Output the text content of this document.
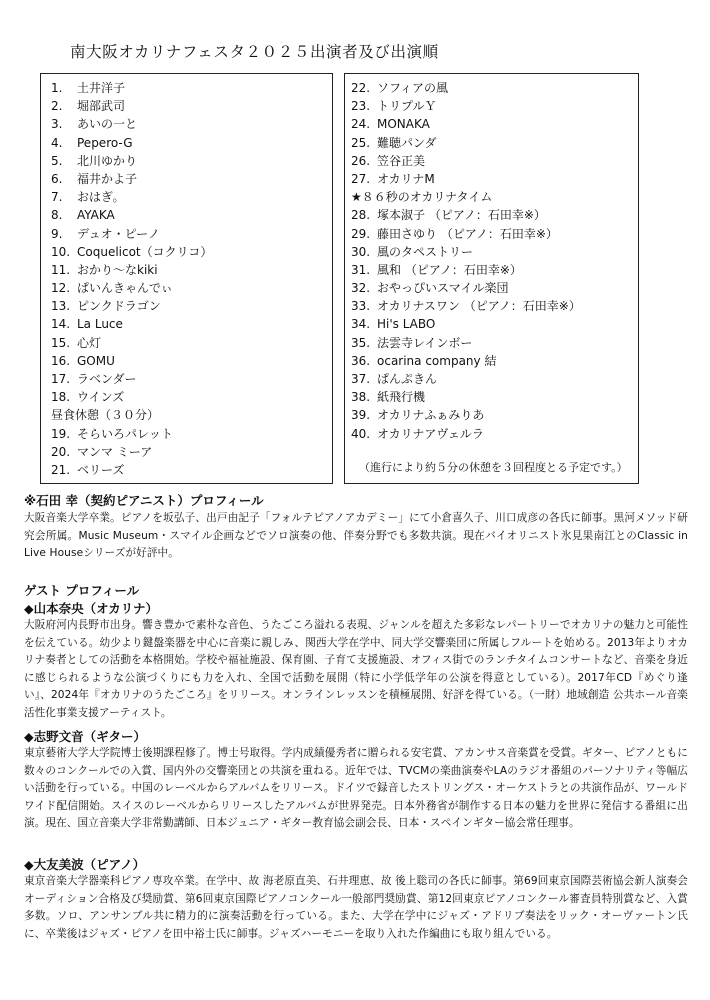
南大阪オカリナフェスタ２０２５出演者及び出演順
1. 土井洋子
2. 堀部武司
3. あいの一と
4. Pepero-G
5. 北川ゆかり
6. 福井かよ子
7. おはぎ。
8. AYAKA
9. デュオ・ピーノ
10. Coquelicot（コクリコ）
11. おかり～なkiki
12. ぱいんきゃんでぃ
13. ピンクドラゴン
14. La Luce
15. 心灯
16. GOMU
17. ラベンダー
18. ウインズ
昼食休憩（３０分）
19. そらいろパレット
20. マンマ ミーア
21. ベリーズ
22. ソフィアの風
23. トリプルＹ
24. MONAKA
25. 難聴パンダ
26. 笠谷正美
27. オカリナM
★８６秒のオカリナタイム
28. 塚本淑子 （ピアノ：石田幸※）
29. 藤田さゆり （ピアノ：石田幸※）
30. 風のタペストリー
31. 風和 （ピアノ：石田幸※）
32. おやっぴいスマイル楽団
33. オカリナスワン （ピアノ：石田幸※）
34. Hi's LABO
35. 法雲寺レインボー
36. ocarina company 結
37. ぱんぷきん
38. 紙飛行機
39. オカリナふぁみりあ
40. オカリナアヴェルラ
（進行により約５分の休憩を３回程度とる予定です。）
※石田 幸（契約ピアニスト）プロフィール

大阪音楽大学卒業。ピアノを坂弘子、出戸由記子「フォルテピアノアカデミー」にて小倉喜久子、川口成彦の各氏に師事。黒河メソッド研究会所属。Music Museum・スマイル企画などでソロ演奏の他、伴奏分野でも多数共演。現在バイオリニスト氷見果南江とのClassic in Live Houseシリーズが好評中。

ゲスト プロフィール
◆山本奈央（オカリナ）

大阪府河内長野市出身。響き豊かで素朴な音色、うたごころ溢れる表現、ジャンルを超えた多彩なレパートリーでオカリナの魅力と可能性を伝えている。幼少より鍵盤楽器を中心に音楽に親しみ、関西大学在学中、同大学交響楽団に所属しフルートを始める。2013年よりオカリナ奏者としての活動を本格開始。学校や福祉施設、保育園、子育て支援施設、オフィス街でのランチタイムコンサートなど、音楽を身近に感じられるような公演づくりにも力を入れ、全国で活動を展開（特に小学低学年の公演を得意としている）。2017年CD『めぐり逢い』、2024年『オカリナのうたごころ』をリリース。オンラインレッスンを積極展開、好評を得ている。（一財）地域創造 公共ホール音楽活性化事業支援アーティスト。

◆志野文音（ギター）

東京藝術大学大学院博士後期課程修了。博士号取得。学内成績優秀者に贈られる安宅賞、アカンサス音楽賞を受賞。ギター、ピアノともに数々のコンクールでの入賞、国内外の交響楽団との共演を重ねる。近年では、TVCMの楽曲演奏やLAのラジオ番組のパーソナリティ等幅広い活動を行っている。中国のレーベルからアルバムをリリース。ドイツで録音したストリングス・オーケストラとの共演作品が、ワールドワイド配信開始。スイスのレーベルからリリースしたアルバムが世界発売。日本外務省が制作する日本の魅力を世界に発信する番組に出演。現在、国立音楽大学非常勤講師、日本ジュニア・ギター教育協会副会長、日本・スペインギター協会常任理事。

◆大友美波（ピアノ）

東京音楽大学器楽科ピアノ専攻卒業。在学中、故 海老原直美、石井理恵、故 後上聡司の各氏に師事。第69回東京国際芸術協会新人演奏会オーディション合格及び奨励賞、第6回東京国際ピアノコンクール一般部門奨励賞、第12回東京ピアノコンクール審査員特別賞など、入賞多数。ソロ、アンサンブル共に精力的に演奏活動を行っている。また、大学在学中にジャズ・アドリブ奏法をリック・オーヴァートン氏に、卒業後はジャズ・ピアノを田中裕士氏に師事。ジャズハーモニーを取り入れた作編曲にも取り組んでいる。
